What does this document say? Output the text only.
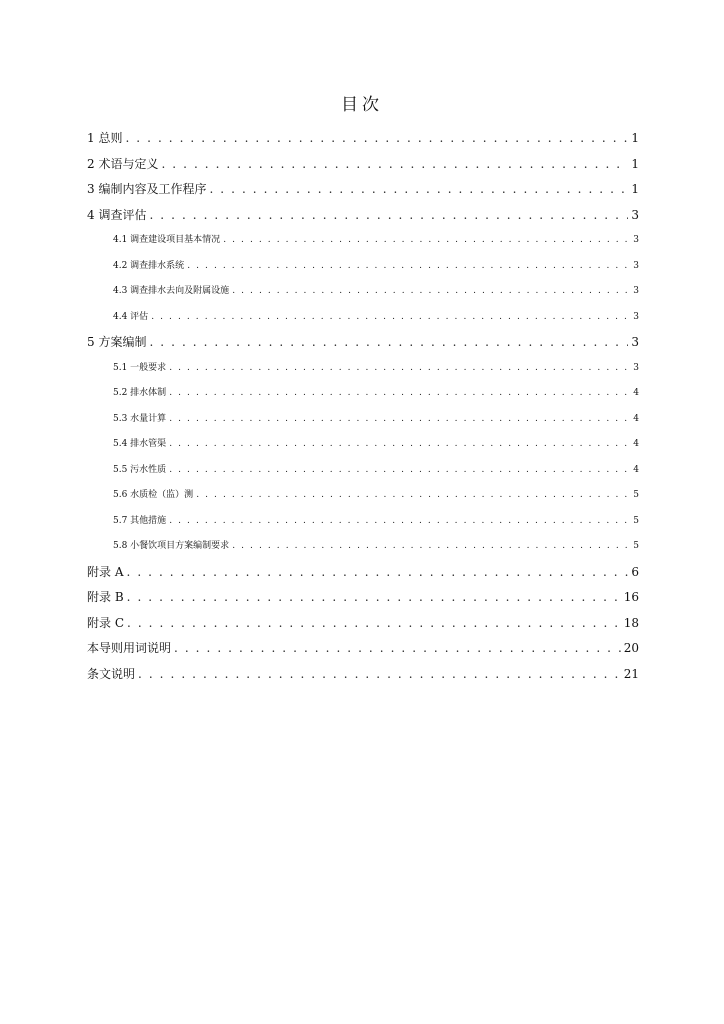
目次
1 总则 . . .	1
2 术语与定义 . . .	1
3 编制内容及工作程序 . . .	1
4 调查评估 . . .	3
4.1 调查建设项目基本情况 . . .	3
4.2 调查排水系统 . . .	3
4.3 调查排水去向及附属设施 . . .	3
4.4 评估 . . .	3
5 方案编制 . . .	3
5.1 一般要求 . . .	3
5.2 排水体制 . . .	4
5.3 水量计算 . . .	4
5.4 排水管渠 . . .	4
5.5 污水性质 . . .	4
5.6 水质检（监）测 . . .	5
5.7 其他措施 . . .	5
5.8 小餐饮项目方案编制要求 . . .	5
附录 A . . .	6
附录 B . . .	16
附录 C . . .	18
本导则用词说明 . . .	20
条文说明 . . .	21
